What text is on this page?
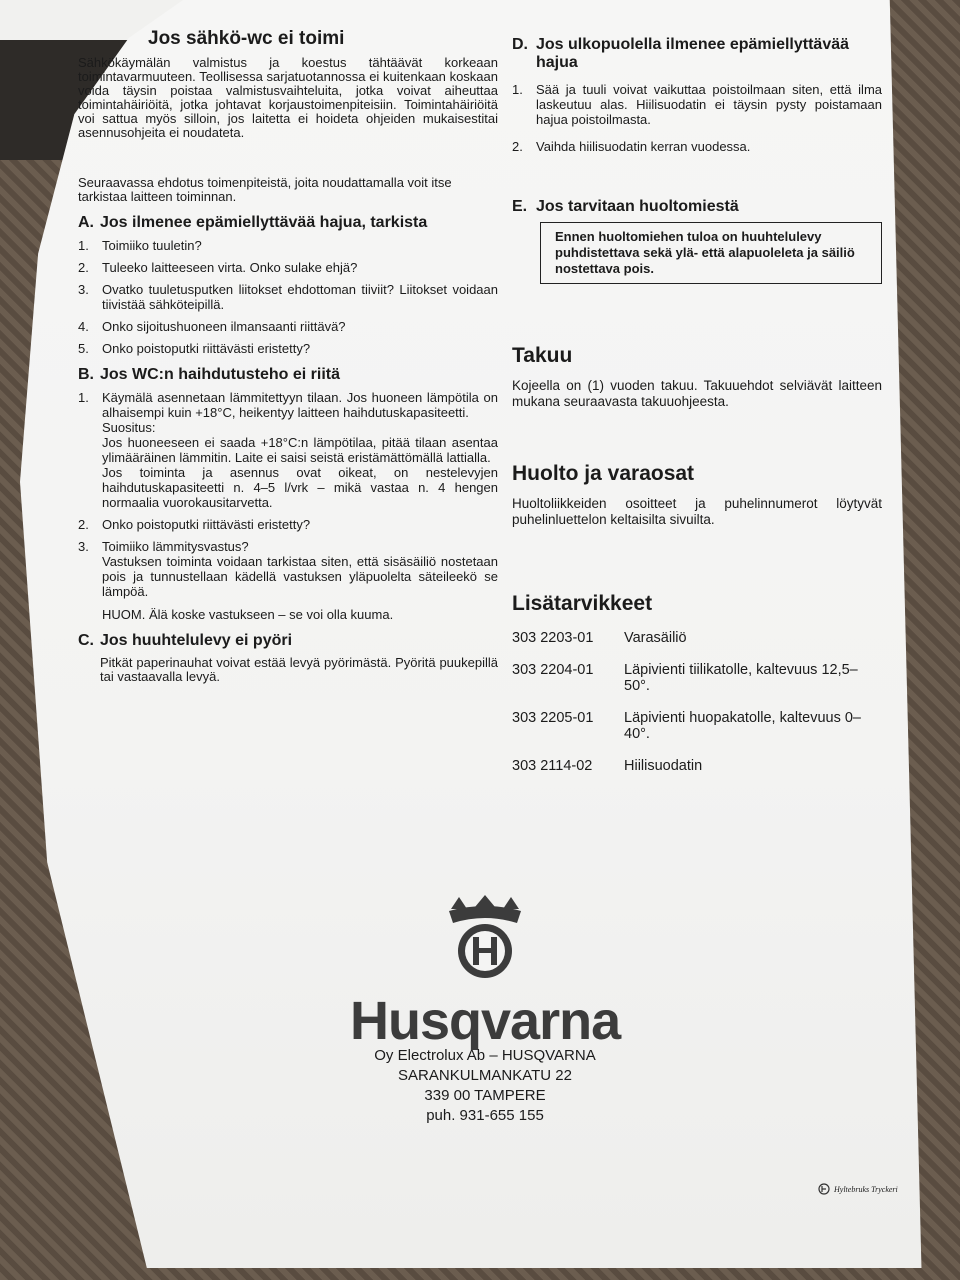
Jos sähkö-wc ei toimi

Sähkökäymälän valmistus ja koestus tähtäävät korkeaan toimintavarmuuteen. Teollisessa sarjatuotannossa ei kuitenkaan koskaan voida täysin poistaa valmistusvaihteluita, jotka voivat aiheuttaa toimintahäiriöitä, jotka johtavat korjaustoimenpiteisiin. Toimintahäiriöitä voi sattua myös silloin, jos laitetta ei hoideta ohjeiden mukaisestitai asennusohjeita ei noudateta.

Seuraavassa ehdotus toimenpiteistä, joita noudattamalla voit itse tarkistaa laitteen toiminnan.

A. Jos ilmenee epämiellyttävää hajua, tarkista
1.	Toimiiko tuuletin?
2.	Tuleeko laitteeseen virta. Onko sulake ehjä?
3.	Ovatko tuuletusputken liitokset ehdottoman tiiviit? Liitokset voidaan tiivistää sähköteipillä.
4.	Onko sijoitushuoneen ilmansaanti riittävä?
5.	Onko poistoputki riittävästi eristetty?
B. Jos WC:n haihdutusteho ei riitä
1.	Käymälä asennetaan lämmitettyyn tilaan. Jos huoneen lämpötila on alhaisempi kuin +18°C, heikentyy laitteen haihdutuskapasiteetti.
Suositus:
Jos huoneeseen ei saada +18°C:n lämpötilaa, pitää tilaan asentaa ylimääräinen lämmitin. Laite ei saisi seistä eristämättömällä lattialla.
Jos toiminta ja asennus ovat oikeat, on nestelevyjen haihdutuskapasiteetti n. 4–5 l/vrk – mikä vastaa n. 4 hengen normaalia vuorokausitarvetta.
2.	Onko poistoputki riittävästi eristetty?
3.	Toimiiko lämmitysvastus?
Vastuksen toiminta voidaan tarkistaa siten, että sisäsäiliö nostetaan pois ja tunnustellaan kädellä vastuksen yläpuolelta säteileekö se lämpöä.
HUOM. Älä koske vastukseen – se voi olla kuuma.
C. Jos huuhtelulevy ei pyöri

Pitkät paperinauhat voivat estää levyä pyörimästä. Pyöritä puukepillä tai vastaavalla levyä.

D. Jos ulkopuolella ilmenee epämiellyttävää hajua
1.	Sää ja tuuli voivat vaikuttaa poistoilmaan siten, että ilma laskeutuu alas. Hiilisuodatin ei täysin pysty poistamaan hajua poistoilmasta.
2.	Vaihda hiilisuodatin kerran vuodessa.
E. Jos tarvitaan huoltomiestä
Ennen huoltomiehen tuloa on huuhtelulevy puhdistettava sekä ylä- että alapuoleleta ja säiliö nostettava pois.
Takuu

Kojeella on (1) vuoden takuu. Takuuehdot selviävät laitteen mukana seuraavasta takuuohjeesta.

Huolto ja varaosat

Huoltoliikkeiden osoitteet ja puhelinnumerot löytyvät puhelinluettelon keltaisilta sivuilta.

Lisätarvikkeet
303 2203-01	Varasäiliö
303 2204-01	Läpivienti tiilikatolle, kaltevuus 12,5–50°.
303 2205-01	Läpivienti huopakatolle, kaltevuus 0–40°.
303 2114-02	Hiilisuodatin
Husqvarna
Oy Electrolux Ab – HUSQVARNA
SARANKULMANKATU 22
339 00 TAMPERE
puh. 931-655 155
Hyltebruks Tryckeri
